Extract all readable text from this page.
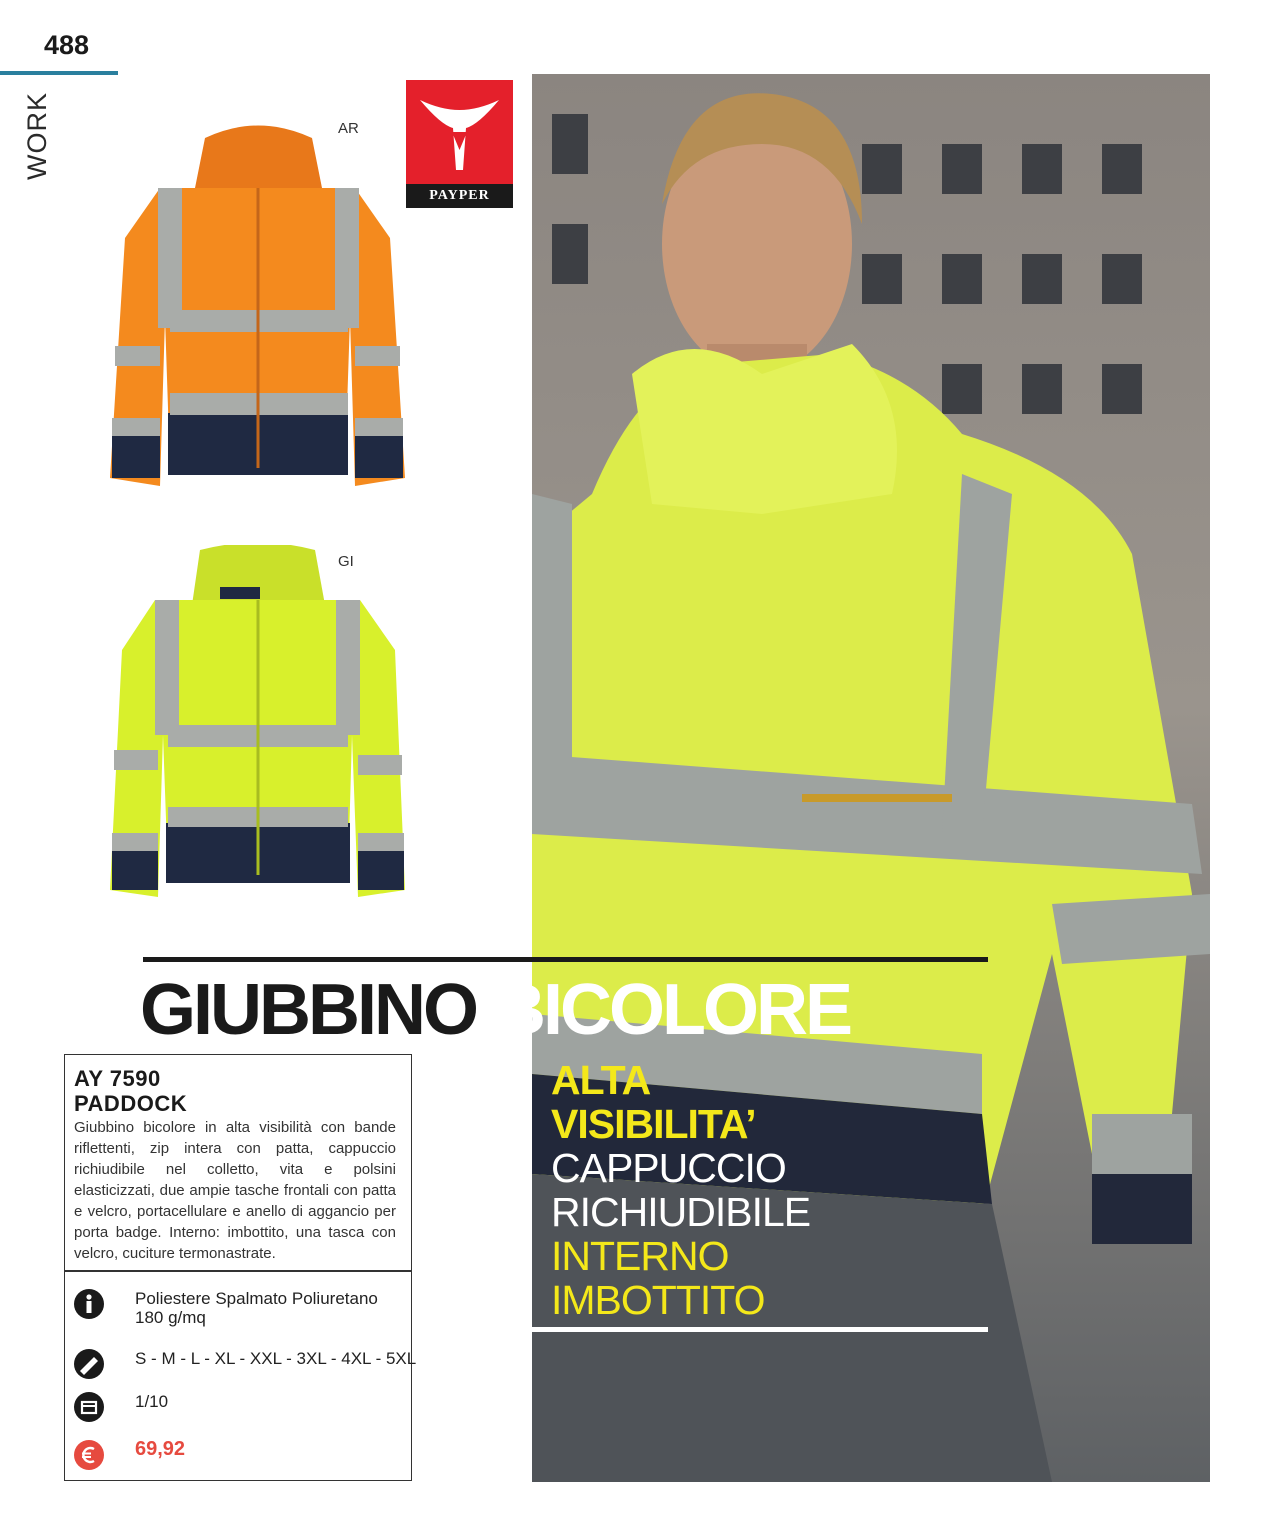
488
WORK	AR
GI
PAYPER
GIUBBINO BICOLORE
ALTA
VISIBILITA’
CAPPUCCIO
RICHIUDIBILE
INTERNO
IMBOTTITO
AY 7590
PADDOCK
Giubbino bicolore in alta visibilità con bande riflettenti, zip intera con patta, cappuccio richiudibile nel colletto, vita e polsini elasticizzati, due ampie tasche frontali con patta e velcro, portacellulare e anello di aggancio per porta badge. Interno: imbottito, una tasca con velcro, cuciture termonastrate.
Poliestere Spalmato Poliuretano
180 g/mq
S - M - L - XL - XXL - 3XL - 4XL - 5XL
1/10
69,92
